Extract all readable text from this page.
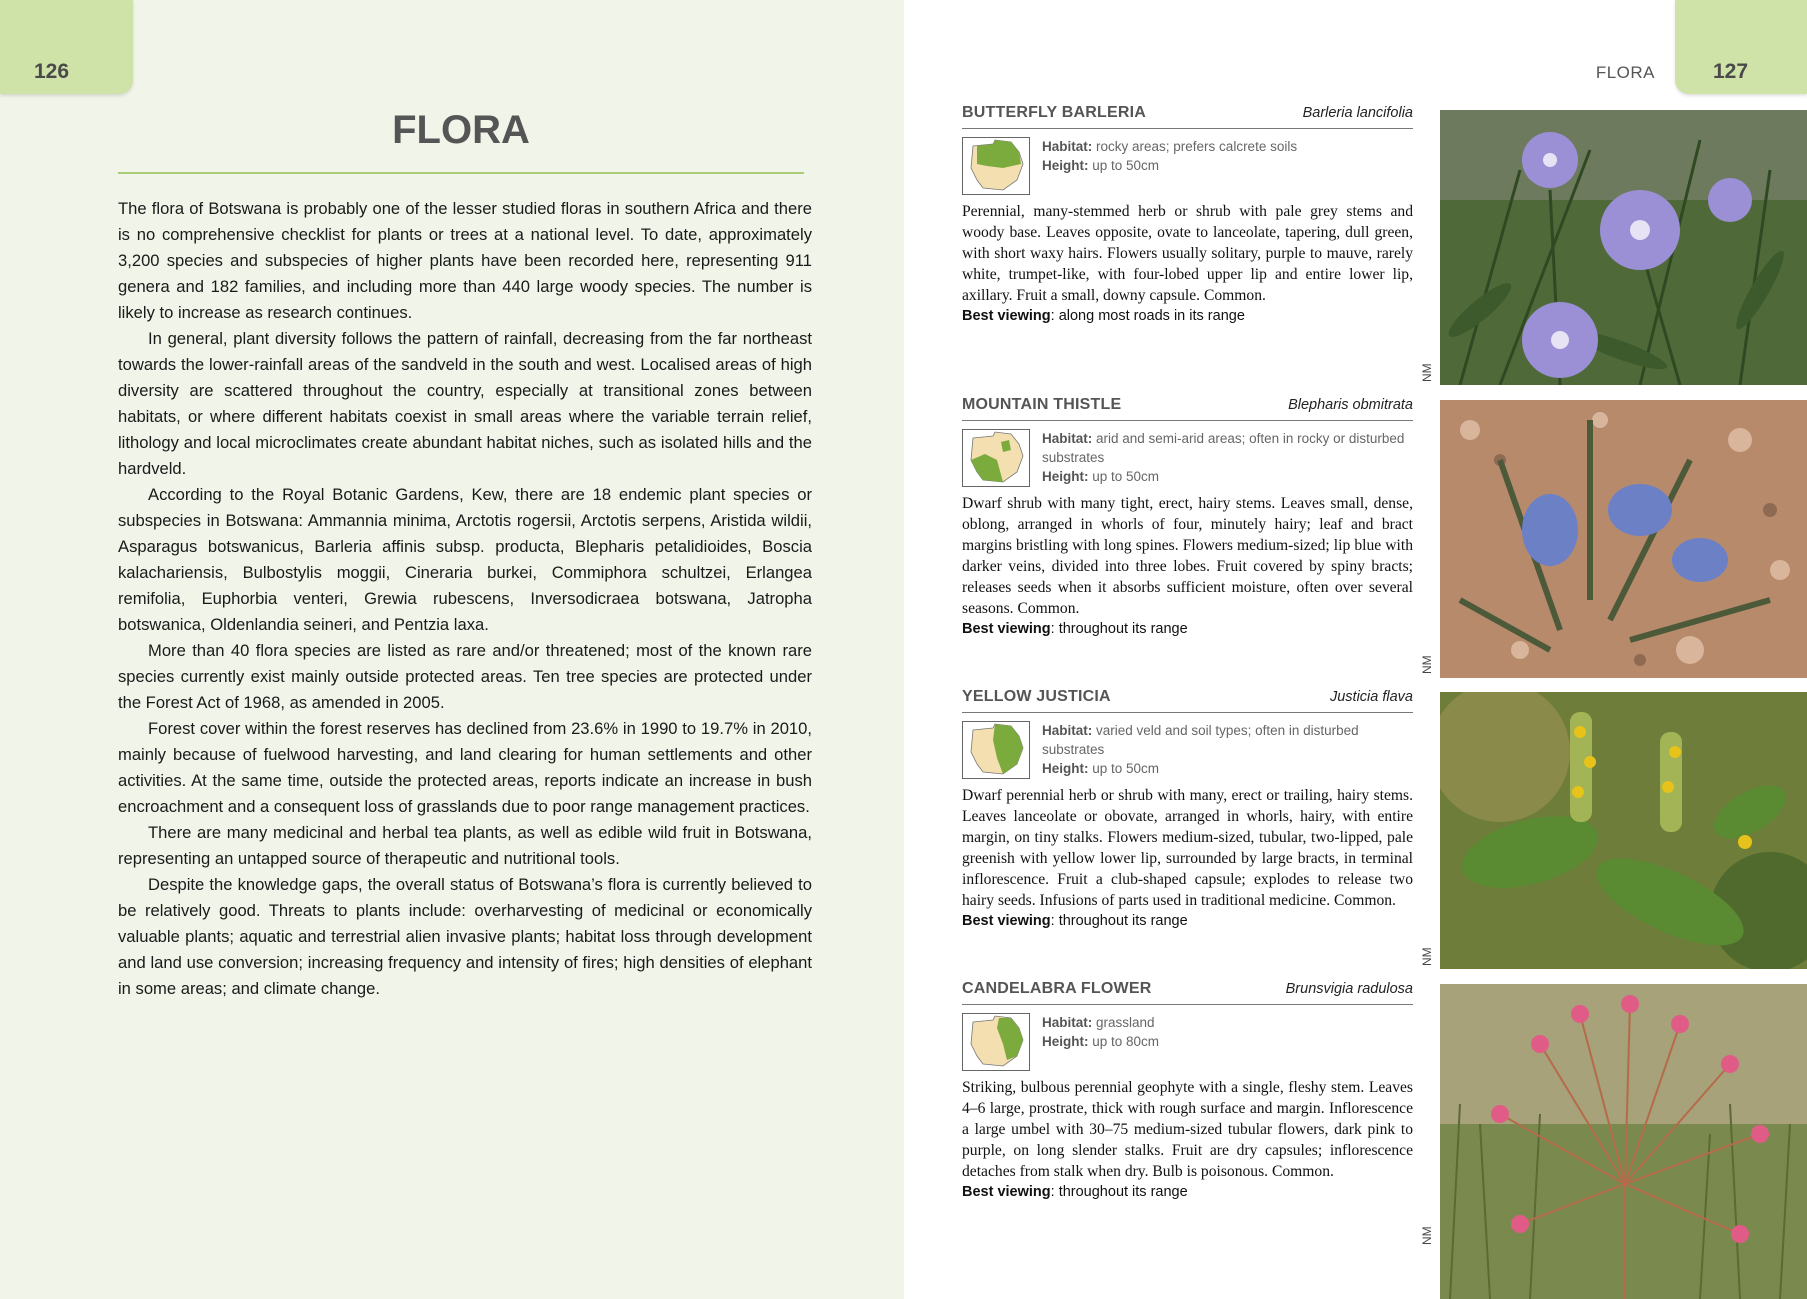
126
FLORA

The flora of Botswana is probably one of the lesser studied floras in southern Africa and there is no comprehensive checklist for plants or trees at a national level. To date, approximately 3,200 species and subspecies of higher plants have been recorded here, representing 911 genera and 182 families, and including more than 440 large woody species. The number is likely to increase as research continues.

In general, plant diversity follows the pattern of rainfall, decreasing from the far northeast towards the lower-rainfall areas of the sandveld in the south and west. Localised areas of high diversity are scattered throughout the country, especially at transitional zones between habitats, or where different habitats coexist in small areas where the variable terrain relief, lithology and local microclimates create abundant habitat niches, such as isolated hills and the hardveld.

According to the Royal Botanic Gardens, Kew, there are 18 endemic plant species or subspecies in Botswana: Ammannia minima, Arctotis rogersii, Arctotis serpens, Aristida wildii, Asparagus botswanicus, Barleria affinis subsp. producta, Blepharis petalidioides, Boscia kalachariensis, Bulbostylis moggii, Cineraria burkei, Commiphora schultzei, Erlangea remifolia, Euphorbia venteri, Grewia rubescens, Inversodicraea botswana, Jatropha botswanica, Oldenlandia seineri, and Pentzia laxa.

More than 40 flora species are listed as rare and/or threatened; most of the known rare species currently exist mainly outside protected areas. Ten tree species are protected under the Forest Act of 1968, as amended in 2005.

Forest cover within the forest reserves has declined from 23.6% in 1990 to 19.7% in 2010, mainly because of fuelwood harvesting, and land clearing for human settlements and other activities. At the same time, outside the protected areas, reports indicate an increase in bush encroachment and a consequent loss of grasslands due to poor range management practices.

There are many medicinal and herbal tea plants, as well as edible wild fruit in Botswana, representing an untapped source of therapeutic and nutritional tools.

Despite the knowledge gaps, the overall status of Botswana’s flora is currently believed to be relatively good. Threats to plants include: overharvesting of medicinal or economically valuable plants; aquatic and terrestrial alien invasive plants; habitat loss through development and land use conversion; increasing frequency and intensity of fires; high densities of elephant in some areas; and climate change.

FLORA	127
BUTTERFLY BARLERIA	Barleria lancifolia
Habitat: rocky areas; prefers calcrete soils
Height: up to 50cm
Perennial, many-stemmed herb or shrub with pale grey stems and woody base. Leaves opposite, ovate to lanceolate, tapering, dull green, with short waxy hairs. Flowers usually solitary, purple to mauve, rarely white, trumpet-like, with four-lobed upper lip and entire lower lip, axillary. Fruit a small, downy capsule. Common.
Best viewing: along most roads in its range
MOUNTAIN THISTLE	Blepharis obmitrata
Habitat: arid and semi-arid areas; often in rocky or disturbed substrates
Height: up to 50cm
Dwarf shrub with many tight, erect, hairy stems. Leaves small, dense, oblong, arranged in whorls of four, minutely hairy; leaf and bract margins bristling with long spines. Flowers medium-sized; lip blue with darker veins, divided into three lobes. Fruit covered by spiny bracts; releases seeds when it absorbs sufficient moisture, often over several seasons. Common.
Best viewing: throughout its range
YELLOW JUSTICIA	Justicia flava
Habitat: varied veld and soil types; often in disturbed substrates
Height: up to 50cm
Dwarf perennial herb or shrub with many, erect or trailing, hairy stems. Leaves lanceolate or obovate, arranged in whorls, hairy, with entire margin, on tiny stalks. Flowers medium-sized, tubular, two-lipped, pale greenish with yellow lower lip, surrounded by large bracts, in terminal inflorescence. Fruit a club-shaped capsule; explodes to release two hairy seeds. Infusions of parts used in traditional medicine. Common.
Best viewing: throughout its range
CANDELABRA FLOWER	Brunsvigia radulosa
Habitat: grassland
Height: up to 80cm
Striking, bulbous perennial geophyte with a single, fleshy stem. Leaves 4–6 large, prostrate, thick with rough surface and margin. Inflorescence a large umbel with 30–75 medium-sized tubular flowers, dark pink to purple, on long slender stalks. Fruit are dry capsules; inflorescence detaches from stalk when dry. Bulb is poisonous. Common.
Best viewing: throughout its range
NM
NM
NM
NM
